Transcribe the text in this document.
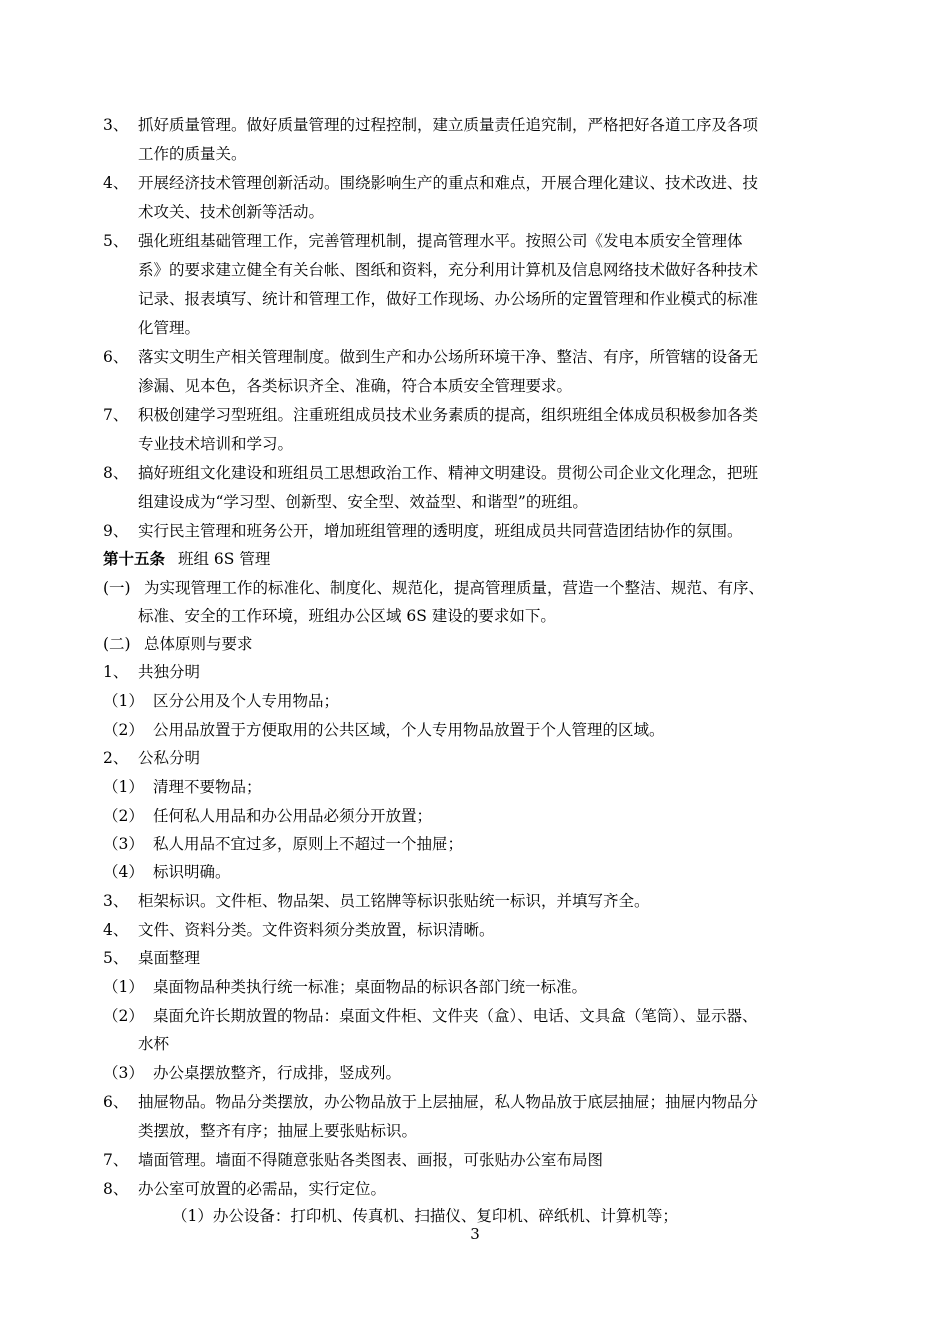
3、 抓好质量管理。做好质量管理的过程控制，建立质量责任追究制，严格把好各道工序及各项
工作的质量关。
4、 开展经济技术管理创新活动。围绕影响生产的重点和难点，开展合理化建议、技术改进、技
术攻关、技术创新等活动。
5、 强化班组基础管理工作，完善管理机制，提高管理水平。按照公司《发电本质安全管理体
系》的要求建立健全有关台帐、图纸和资料，充分利用计算机及信息网络技术做好各种技术
记录、报表填写、统计和管理工作，做好工作现场、办公场所的定置管理和作业模式的标准
化管理。
6、 落实文明生产相关管理制度。做到生产和办公场所环境干净、整洁、有序，所管辖的设备无
渗漏、见本色，各类标识齐全、准确，符合本质安全管理要求。
7、 积极创建学习型班组。注重班组成员技术业务素质的提高，组织班组全体成员积极参加各类
专业技术培训和学习。
8、 搞好班组文化建设和班组员工思想政治工作、精神文明建设。贯彻公司企业文化理念，把班
组建设成为“学习型、创新型、安全型、效益型、和谐型”的班组。
9、 实行民主管理和班务公开，增加班组管理的透明度，班组成员共同营造团结协作的氛围。
第十五条 班组 6S 管理
(一) 为实现管理工作的标准化、制度化、规范化，提高管理质量，营造一个整洁、规范、有序、
标准、安全的工作环境，班组办公区域 6S 建设的要求如下。
(二) 总体原则与要求
1、 共独分明
（1） 区分公用及个人专用物品；
（2） 公用品放置于方便取用的公共区域，个人专用物品放置于个人管理的区域。
2、 公私分明
（1） 清理不要物品；
（2） 任何私人用品和办公用品必须分开放置；
（3） 私人用品不宜过多，原则上不超过一个抽屉；
（4） 标识明确。
3、 柜架标识。文件柜、物品架、员工铭牌等标识张贴统一标识，并填写齐全。
4、 文件、资料分类。文件资料须分类放置，标识清晰。
5、 桌面整理
（1） 桌面物品种类执行统一标准；桌面物品的标识各部门统一标准。
（2） 桌面允许长期放置的物品：桌面文件柜、文件夹（盒）、电话、文具盒（笔筒）、显示器、
水杯
（3） 办公桌摆放整齐，行成排，竖成列。
6、 抽屉物品。物品分类摆放，办公物品放于上层抽屉，私人物品放于底层抽屉；抽屉内物品分
类摆放，整齐有序；抽屉上要张贴标识。
7、 墙面管理。墙面不得随意张贴各类图表、画报，可张贴办公室布局图
8、 办公室可放置的必需品，实行定位。
（1）办公设备：打印机、传真机、扫描仪、复印机、碎纸机、计算机等；
3
